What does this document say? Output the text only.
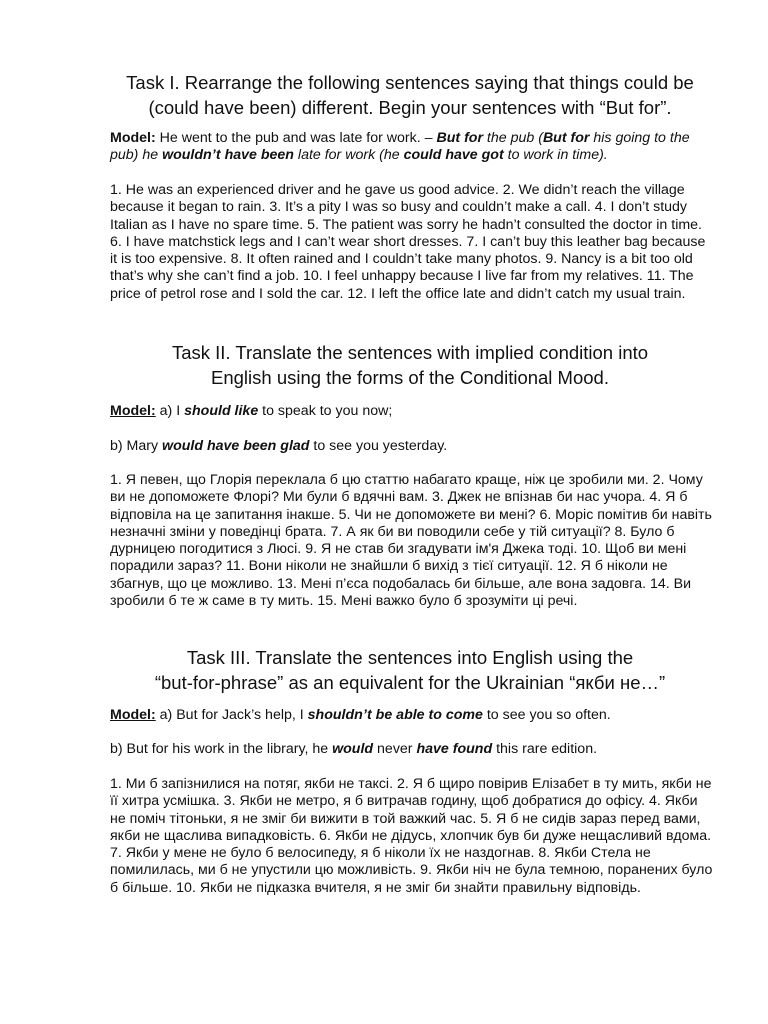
Task I. Rearrange the following sentences saying that things could be
(could have been) different. Begin your sentences with “But for”.

Model: He went to the pub and was late for work. – But for the pub (But for his going to the pub) he wouldn’t have been late for work (he could have got to work in time).

1. He was an experienced driver and he gave us good advice. 2. We didn’t reach the village because it began to rain. 3. It’s a pity I was so busy and couldn’t make a call. 4. I don’t study Italian as I have no spare time. 5. The patient was sorry he hadn’t consulted the doctor in time. 6. I have matchstick legs and I can’t wear short dresses. 7. I can’t buy this leather bag because it is too expensive. 8. It often rained and I couldn’t take many photos. 9. Nancy is a bit too old that’s why she can’t find a job. 10. I feel unhappy because I live far from my relatives. 11. The price of petrol rose and I sold the car. 12. I left the office late and didn’t catch my usual train.

Task II. Translate the sentences with implied condition into
English using the forms of the Conditional Mood.

Model: a) I should like to speak to you now;

b) Mary would have been glad to see you yesterday.

1. Я певен, що Глорія переклала б цю статтю набагато краще, ніж це зробили ми. 2. Чому ви не допоможете Флорі? Ми були б вдячні вам. 3. Джек не впізнав би нас учора. 4. Я б відповіла на це запитання інакше. 5. Чи не допоможете ви мені? 6. Моріс помітив би навіть незначні зміни у поведінці брата. 7. А як би ви поводили себе у тій ситуації? 8. Було б дурницею погодитися з Люсі. 9. Я не став би згадувати ім'я Джека тоді. 10. Щоб ви мені порадили зараз? 11. Вони ніколи не знайшли б вихід з тієї ситуації. 12. Я б ніколи не збагнув, що це можливо. 13. Мені п’єса подобалась би більше, але вона задовга. 14. Ви зробили б те ж саме в ту мить. 15. Мені важко було б зрозуміти ці речі.

Task III. Translate the sentences into English using the
“but-for-phrase” as an equivalent for the Ukrainian “якби не…”

Model: a) But for Jack’s help, I shouldn’t be able to come to see you so often.

b) But for his work in the library, he would never have found this rare edition.

1. Ми б запізнилися на потяг, якби не таксі. 2. Я б щиро повірив Елізабет в ту мить, якби не її хитра усмішка. 3. Якби не метро, я б витрачав годину, щоб добратися до офісу. 4. Якби не поміч тітоньки, я не зміг би вижити в той важкий час. 5. Я б не сидів зараз перед вами, якби не щаслива випадковість. 6. Якби не дідусь, хлопчик був би дуже нещасливий вдома. 7. Якби у мене не було б велосипеду, я б ніколи їх не наздогнав. 8. Якби Стела не помилилась, ми б не упустили цю можливість. 9. Якби ніч не була темною, поранених було б більше. 10. Якби не підказка вчителя, я не зміг би знайти правильну відповідь.
